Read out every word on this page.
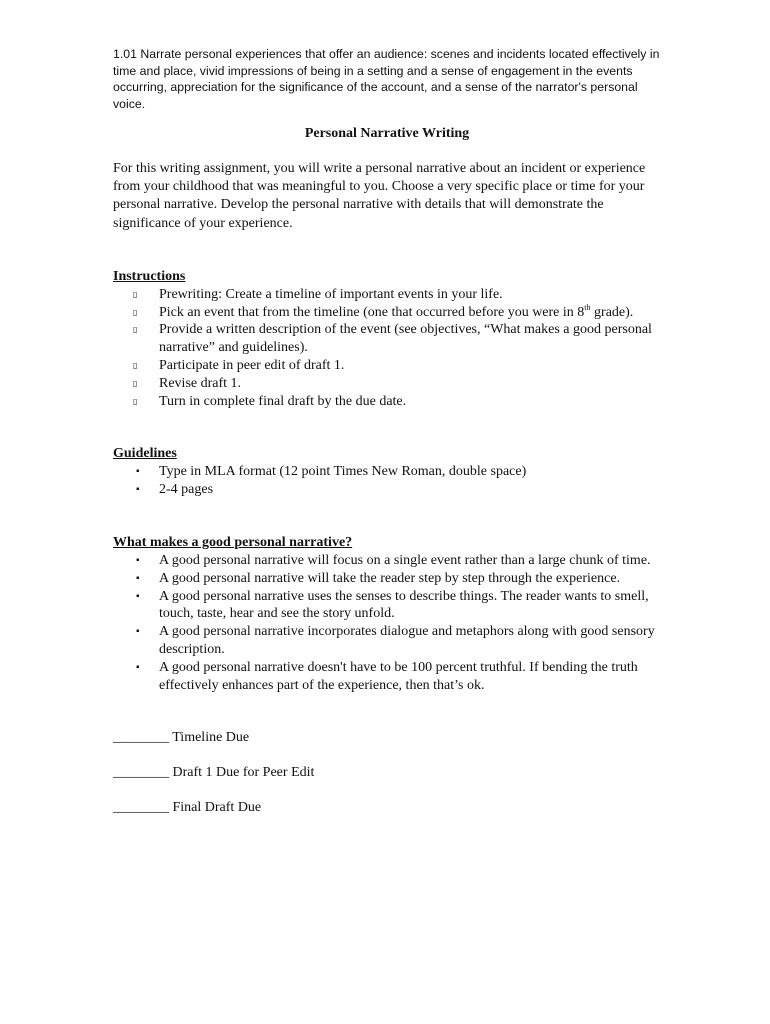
1.01 Narrate personal experiences that offer an audience: scenes and incidents located effectively in time and place, vivid impressions of being in a setting and a sense of engagement in the events occurring, appreciation for the significance of the account, and a sense of the narrator's personal voice.

Personal Narrative Writing

For this writing assignment, you will write a personal narrative about an incident or experience from your childhood that was meaningful to you. Choose a very specific place or time for your personal narrative. Develop the personal narrative with details that will demonstrate the significance of your experience.

Instructions

▯ Prewriting: Create a timeline of important events in your life.
▯ Pick an event that from the timeline (one that occurred before you were in 8th grade).
▯ Provide a written description of the event (see objectives, “What makes a good personal narrative” and guidelines).
▯ Participate in peer edit of draft 1.
▯ Revise draft 1.
▯ Turn in complete final draft by the due date.

Guidelines

▪ Type in MLA format (12 point Times New Roman, double space)
▪ 2-4 pages

What makes a good personal narrative?

▪ A good personal narrative will focus on a single event rather than a large chunk of time.
▪ A good personal narrative will take the reader step by step through the experience.
▪ A good personal narrative uses the senses to describe things. The reader wants to smell, touch, taste, hear and see the story unfold.
▪ A good personal narrative incorporates dialogue and metaphors along with good sensory description.
▪ A good personal narrative doesn't have to be 100 percent truthful. If bending the truth effectively enhances part of the experience, then that’s ok.

________ Timeline Due

________ Draft 1 Due for Peer Edit

________ Final Draft Due
